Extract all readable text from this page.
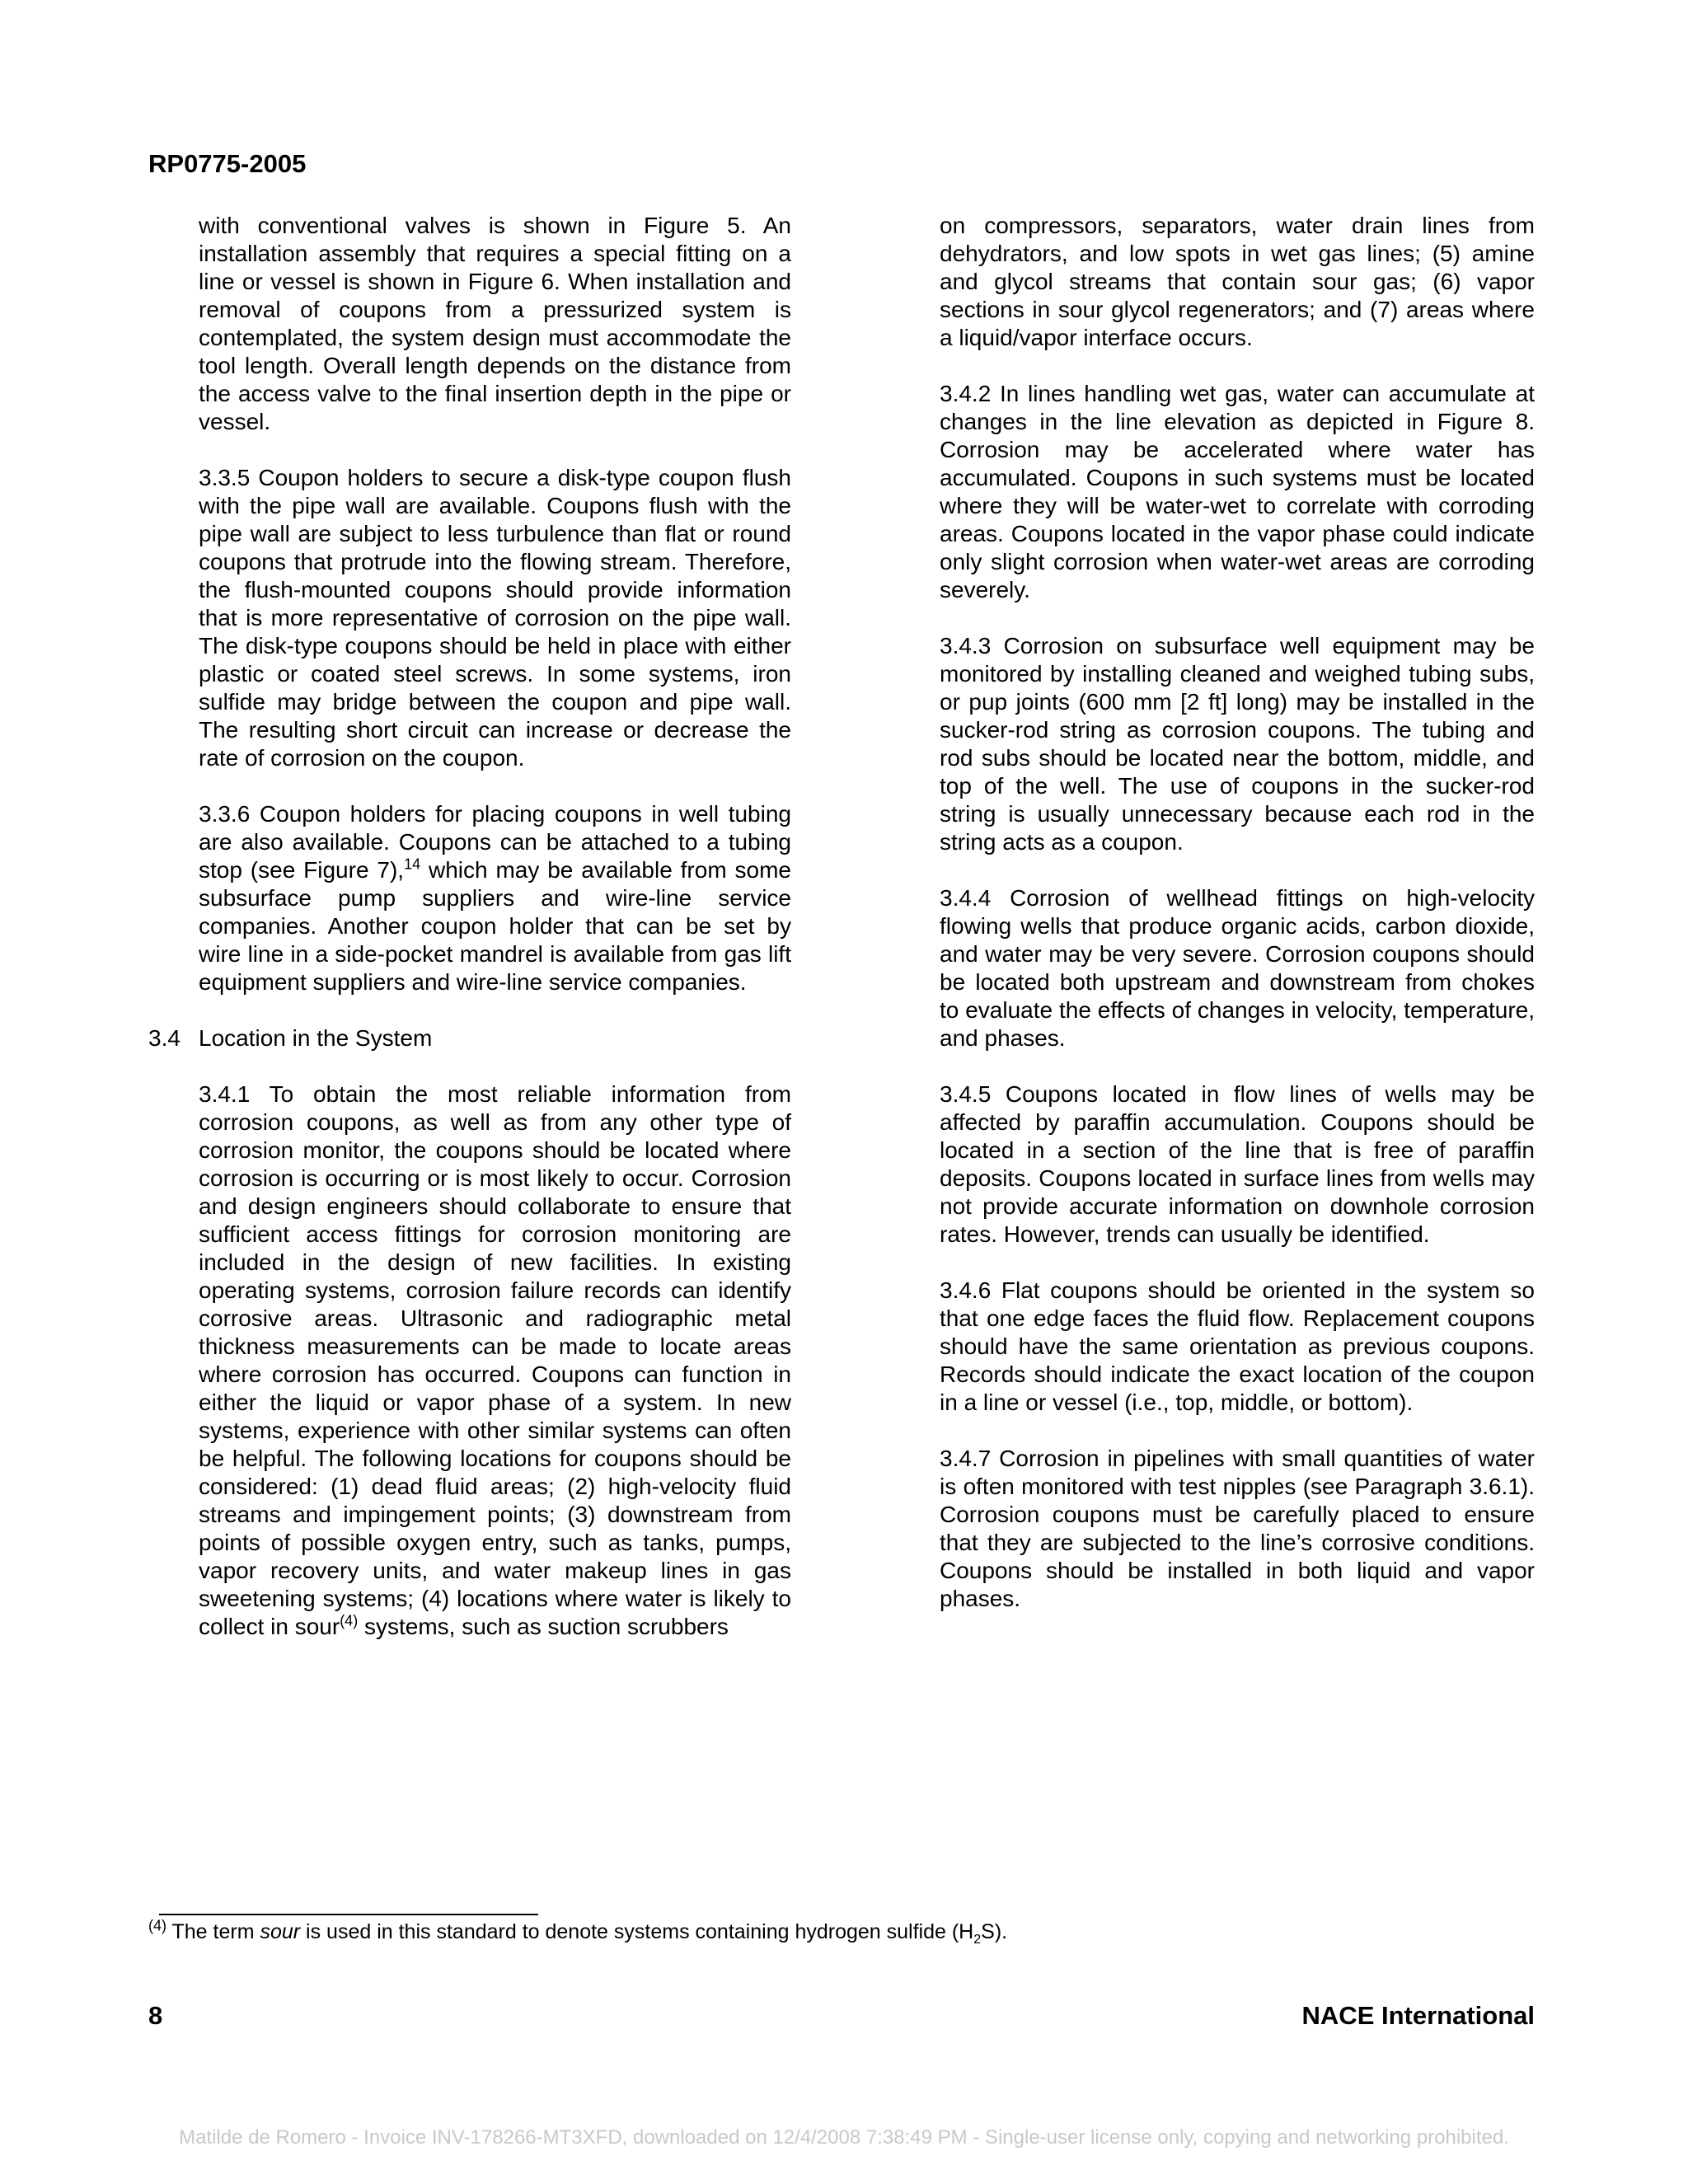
RP0775-2005

with conventional valves is shown in Figure 5. An installation assembly that requires a special fitting on a line or vessel is shown in Figure 6. When installation and removal of coupons from a pressurized system is contemplated, the system design must accommodate the tool length. Overall length depends on the distance from the access valve to the final insertion depth in the pipe or vessel.

3.3.5 Coupon holders to secure a disk-type coupon flush with the pipe wall are available. Coupons flush with the pipe wall are subject to less turbulence than flat or round coupons that protrude into the flowing stream. Therefore, the flush-mounted coupons should provide information that is more representative of corrosion on the pipe wall. The disk-type coupons should be held in place with either plastic or coated steel screws. In some systems, iron sulfide may bridge between the coupon and pipe wall. The resulting short circuit can increase or decrease the rate of corrosion on the coupon.

3.3.6 Coupon holders for placing coupons in well tubing are also available. Coupons can be attached to a tubing stop (see Figure 7),$^{14}$ which may be available from some subsurface pump suppliers and wire-line service companies. Another coupon holder that can be set by wire line in a side-pocket mandrel is available from gas lift equipment suppliers and wire-line service companies.

3.4 Location in the System

3.4.1 To obtain the most reliable information from corrosion coupons, as well as from any other type of corrosion monitor, the coupons should be located where corrosion is occurring or is most likely to occur. Corrosion and design engineers should collaborate to ensure that sufficient access fittings for corrosion monitoring are included in the design of new facilities. In existing operating systems, corrosion failure records can identify corrosive areas. Ultrasonic and radiographic metal thickness measurements can be made to locate areas where corrosion has occurred. Coupons can function in either the liquid or vapor phase of a system. In new systems, experience with other similar systems can often be helpful. The following locations for coupons should be considered: (1) dead fluid areas; (2) high-velocity fluid streams and impingement points; (3) downstream from points of possible oxygen entry, such as tanks, pumps, vapor recovery units, and water makeup lines in gas sweetening systems; (4) locations where water is likely to collect in sour$^{(4)}$ systems, such as suction scrubbers

on compressors, separators, water drain lines from dehydrators, and low spots in wet gas lines; (5) amine and glycol streams that contain sour gas; (6) vapor sections in sour glycol regenerators; and (7) areas where a liquid/vapor interface occurs.

3.4.2 In lines handling wet gas, water can accumulate at changes in the line elevation as depicted in Figure 8. Corrosion may be accelerated where water has accumulated. Coupons in such systems must be located where they will be water-wet to correlate with corroding areas. Coupons located in the vapor phase could indicate only slight corrosion when water-wet areas are corroding severely.

3.4.3 Corrosion on subsurface well equipment may be monitored by installing cleaned and weighed tubing subs, or pup joints (600 mm [2 ft] long) may be installed in the sucker-rod string as corrosion coupons. The tubing and rod subs should be located near the bottom, middle, and top of the well. The use of coupons in the sucker-rod string is usually unnecessary because each rod in the string acts as a coupon.

3.4.4 Corrosion of wellhead fittings on high-velocity flowing wells that produce organic acids, carbon dioxide, and water may be very severe. Corrosion coupons should be located both upstream and downstream from chokes to evaluate the effects of changes in velocity, temperature, and phases.

3.4.5 Coupons located in flow lines of wells may be affected by paraffin accumulation. Coupons should be located in a section of the line that is free of paraffin deposits. Coupons located in surface lines from wells may not provide accurate information on downhole corrosion rates. However, trends can usually be identified.

3.4.6 Flat coupons should be oriented in the system so that one edge faces the fluid flow. Replacement coupons should have the same orientation as previous coupons. Records should indicate the exact location of the coupon in a line or vessel (i.e., top, middle, or bottom).

3.4.7 Corrosion in pipelines with small quantities of water is often monitored with test nipples (see Paragraph 3.6.1). Corrosion coupons must be carefully placed to ensure that they are subjected to the line’s corrosive conditions. Coupons should be installed in both liquid and vapor phases.

$^{(4)}$ The term sour is used in this standard to denote systems containing hydrogen sulfide $(H_2S)$.
8	NACE International
Matilde de Romero - Invoice INV-178266-MT3XFD, downloaded on 12/4/2008 7:38:49 PM - Single-user license only, copying and networking prohibited.
